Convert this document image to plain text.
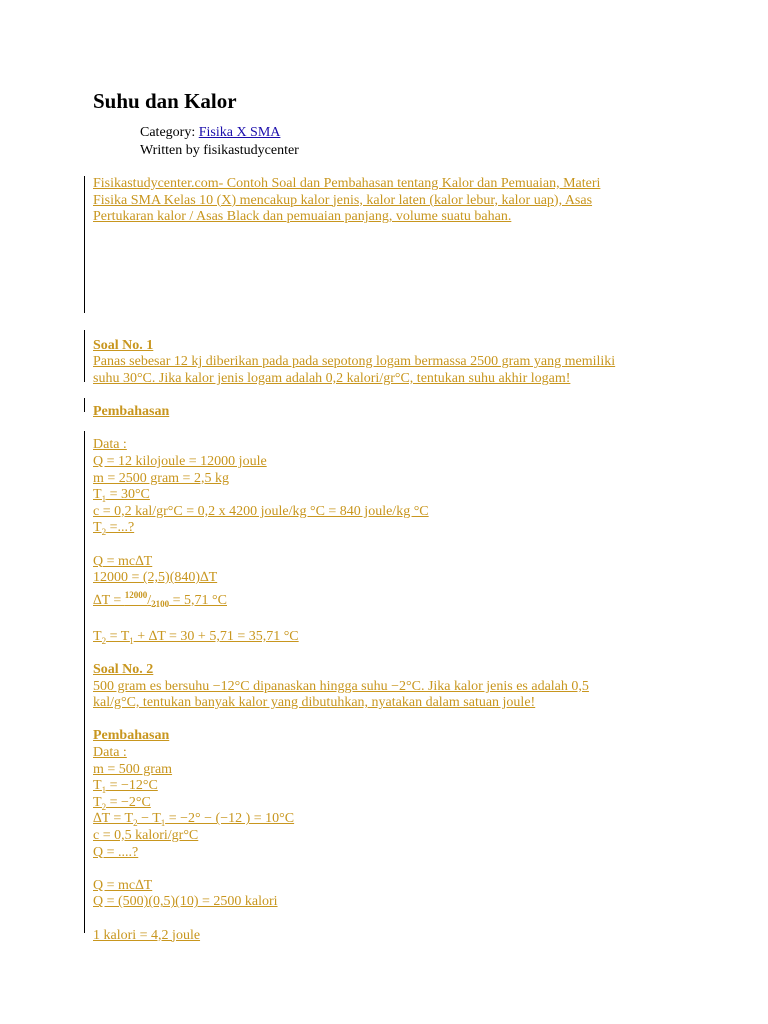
Suhu dan Kalor
Category: Fisika X SMA
Written by fisikastudycenter
Fisikastudycenter.com- Contoh Soal dan Pembahasan tentang Kalor dan Pemuaian, Materi
Fisika SMA Kelas 10 (X) mencakup kalor jenis, kalor laten (kalor lebur, kalor uap), Asas
Pertukaran kalor / Asas Black dan pemuaian panjang, volume suatu bahan.
Soal No. 1
Panas sebesar 12 kj diberikan pada pada sepotong logam bermassa 2500 gram yang memiliki
suhu 30°C. Jika kalor jenis logam adalah 0,2 kalori/gr°C, tentukan suhu akhir logam!
Pembahasan
Data :
Q = 12 kilojoule = 12000 joule
m = 2500 gram = 2,5 kg
$T_1 = 30^\circ C$
c = 0,2 kal/gr°C = 0,2 x 4200 joule/kg °C = 840 joule/kg °C
$T_2$ =...?
Q = mc∆T
12000 = (2,5)(840)∆T
$\Delta T = ^{12000}/_{2100} = 5,71$ °C
$T_2 = T_1 + \Delta T = 30 + 5,71 = 35,71$ °C
Soal No. 2
500 gram es bersuhu −12°C dipanaskan hingga suhu −2°C. Jika kalor jenis es adalah 0,5
kal/g°C, tentukan banyak kalor yang dibutuhkan, nyatakan dalam satuan joule!
Pembahasan
Data :
m = 500 gram
$T_1 = -12^\circ C$
$T_2 = -2^\circ C$
$\Delta T = T_2 - T_1 = -2^\circ - (-12$ ) = 10°C
c = 0,5 kalori/gr°C
Q = ....?
Q = mc∆T
Q = (500)(0,5)(10) = 2500 kalori
1 kalori = 4,2 joule
